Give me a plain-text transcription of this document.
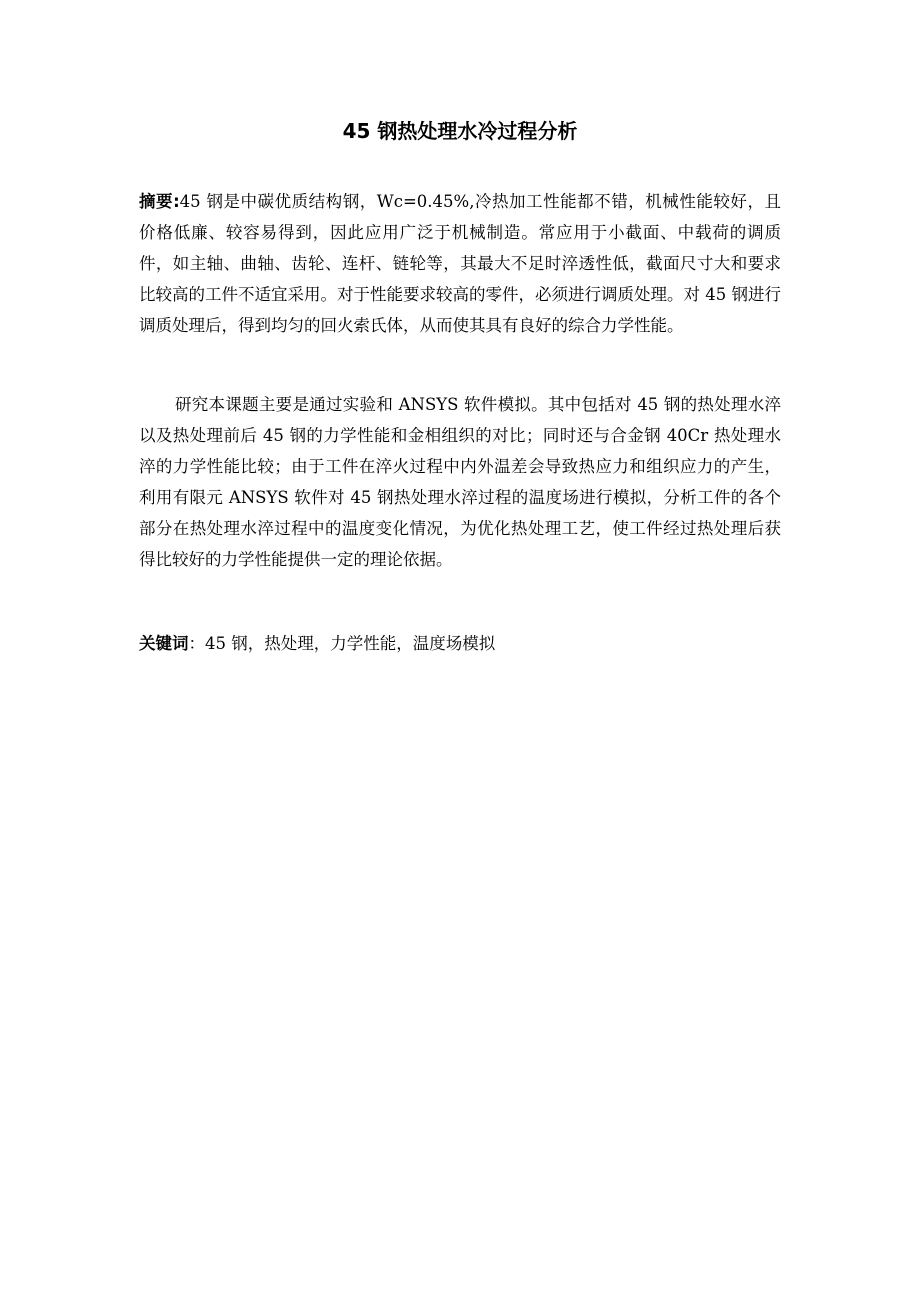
45 钢热处理水冷过程分析

摘要:45 钢是中碳优质结构钢，Wc=0.45%,冷热加工性能都不错，机械性能较好，且价格低廉、较容易得到，因此应用广泛于机械制造。常应用于小截面、中载荷的调质件，如主轴、曲轴、齿轮、连杆、链轮等，其最大不足时淬透性低，截面尺寸大和要求比较高的工件不适宜采用。对于性能要求较高的零件，必须进行调质处理。对 45 钢进行调质处理后，得到均匀的回火索氏体，从而使其具有良好的综合力学性能。

研究本课题主要是通过实验和 ANSYS 软件模拟。其中包括对 45 钢的热处理水淬以及热处理前后 45 钢的力学性能和金相组织的对比；同时还与合金钢 40Cr 热处理水淬的力学性能比较；由于工件在淬火过程中内外温差会导致热应力和组织应力的产生，利用有限元 ANSYS 软件对 45 钢热处理水淬过程的温度场进行模拟，分析工件的各个部分在热处理水淬过程中的温度变化情况，为优化热处理工艺，使工件经过热处理后获得比较好的力学性能提供一定的理论依据。

关键词：45 钢，热处理，力学性能，温度场模拟
